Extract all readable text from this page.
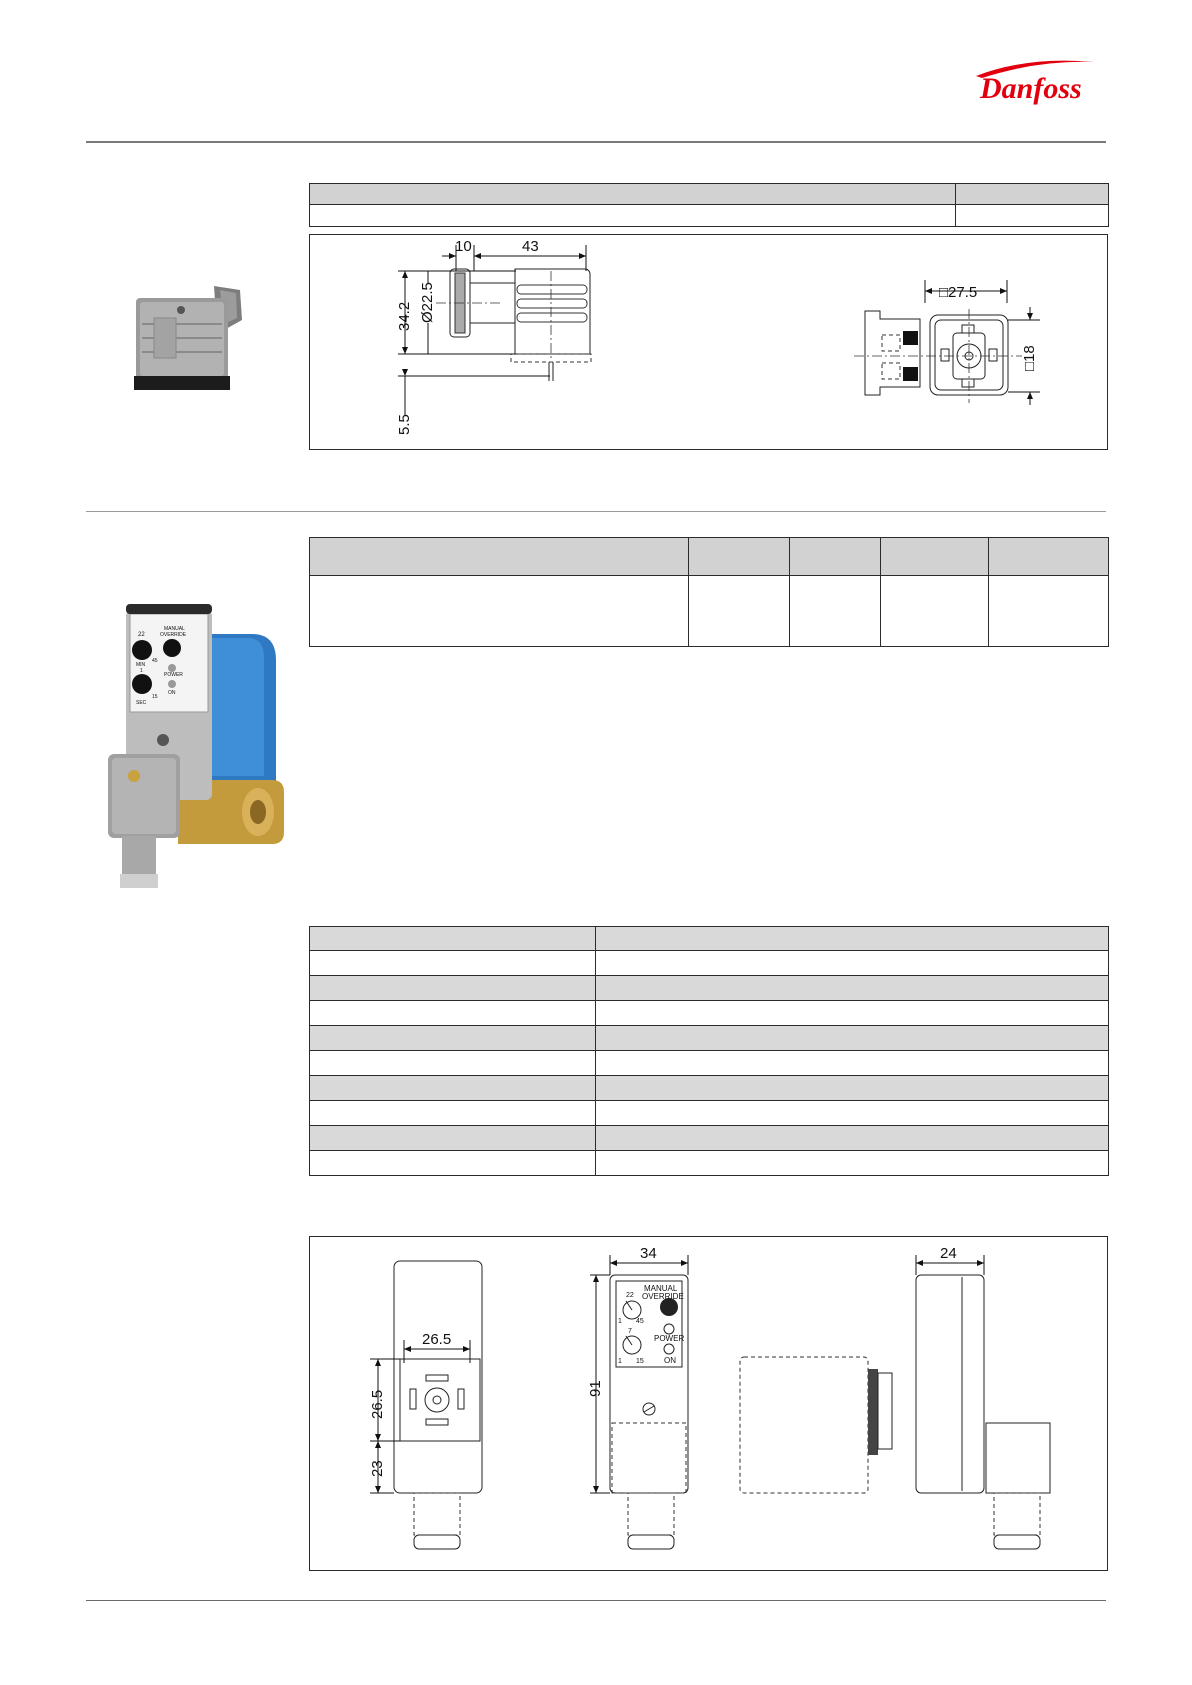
Danfoss

10	43
34.2 Ø22.5
5.5
□27.5
□18

22
MANUAL
OVERRIDE
45
MIN
1
POWER
ON
15
SEC

26.5
26.5
23
34
91
MANUAL
OVERRIDE
22
1 45
POWER
7
1 15	ON
24
